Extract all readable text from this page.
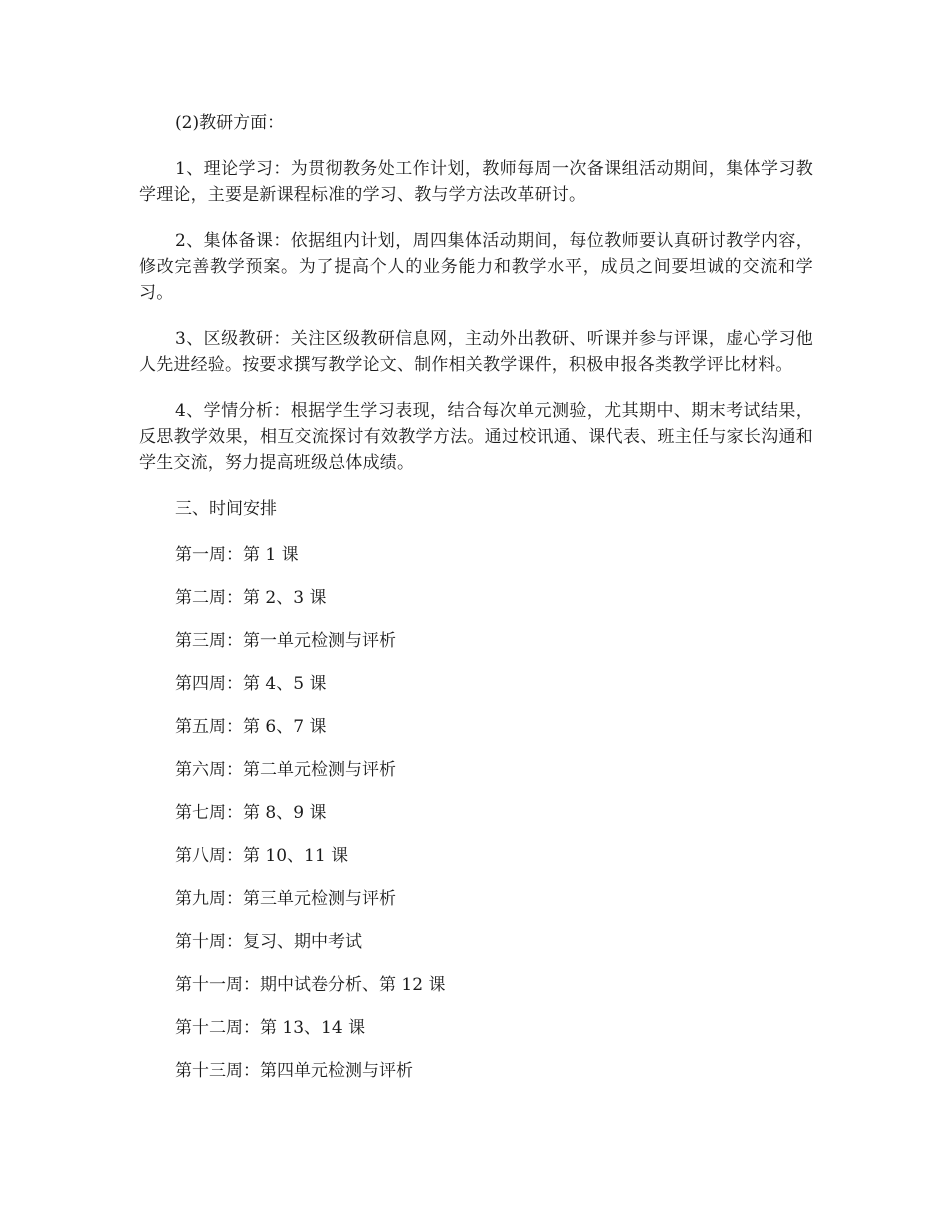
(2)教研方面：

1、理论学习：为贯彻教务处工作计划，教师每周一次备课组活动期间，集体学习教学理论，主要是新课程标准的学习、教与学方法改革研讨。

2、集体备课：依据组内计划，周四集体活动期间，每位教师要认真研讨教学内容，修改完善教学预案。为了提高个人的业务能力和教学水平，成员之间要坦诚的交流和学习。

3、区级教研：关注区级教研信息网，主动外出教研、听课并参与评课，虚心学习他人先进经验。按要求撰写教学论文、制作相关教学课件，积极申报各类教学评比材料。

4、学情分析：根据学生学习表现，结合每次单元测验，尤其期中、期末考试结果，反思教学效果，相互交流探讨有效教学方法。通过校讯通、课代表、班主任与家长沟通和学生交流，努力提高班级总体成绩。

三、时间安排

第一周：第 1 课
第二周：第 2、3 课
第三周：第一单元检测与评析
第四周：第 4、5 课
第五周：第 6、7 课
第六周：第二单元检测与评析
第七周：第 8、9 课
第八周：第 10、11 课
第九周：第三单元检测与评析
第十周：复习、期中考试
第十一周：期中试卷分析、第 12 课
第十二周：第 13、14 课
第十三周：第四单元检测与评析
